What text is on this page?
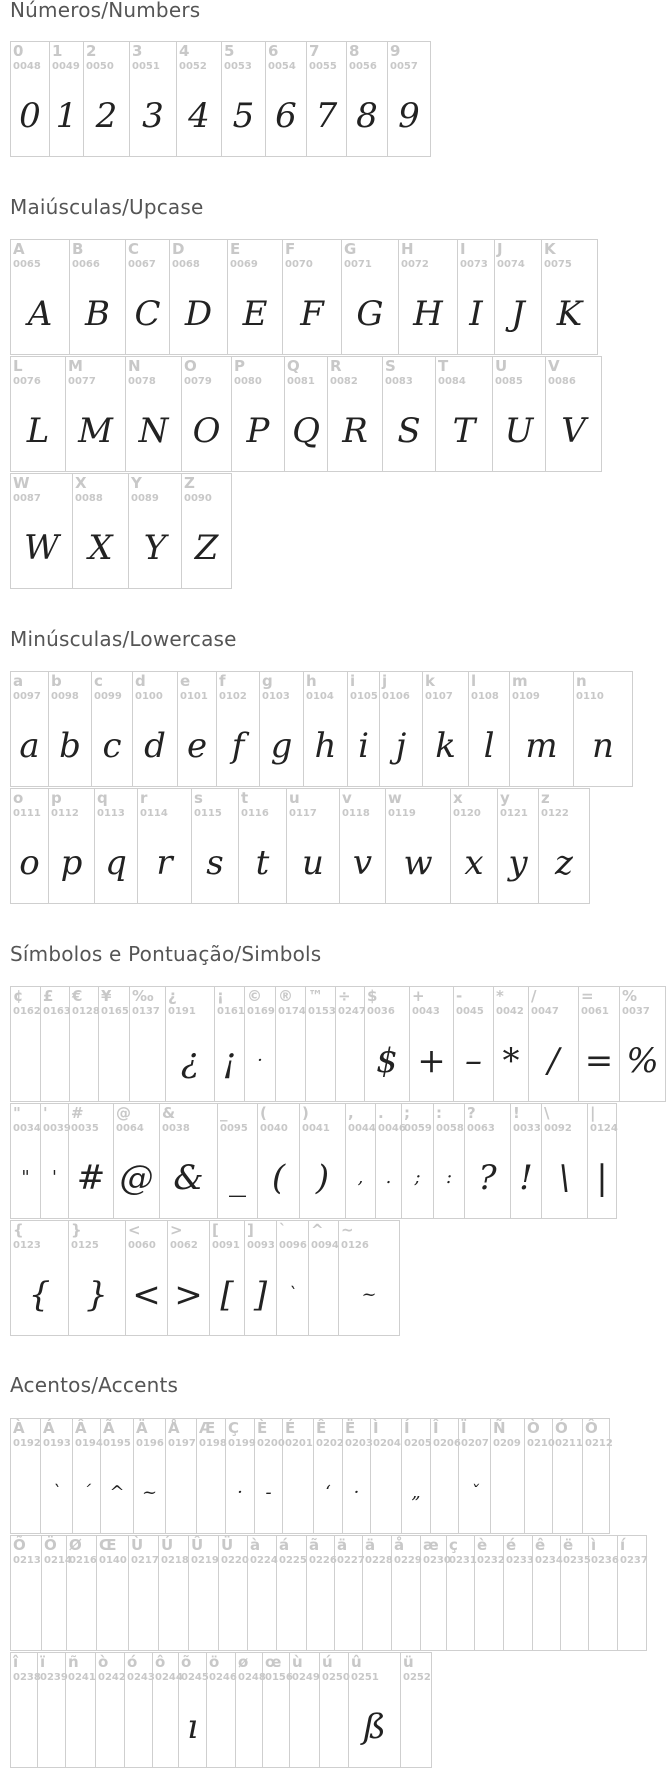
Números/Numbers
Maiúsculas/Upcase
Minúsculas/Lowercase
Símbolos e Pontuação/Simbols
Acentos/Accents
0
0048
0
1
0049
1
2
0050
2
3
0051
3
4
0052
4
5
0053
5
6
0054
6
7
0055
7
8
0056
8
9
0057
9
A
0065
A
B
0066
B
C
0067
C
D
0068
D
E
0069
E
F
0070
F
G
0071
G
H
0072
H
I
0073
I
J
0074
J
K
0075
K
L
0076
L
M
0077
M
N
0078
N
O
0079
O
P
0080
P
Q
0081
Q
R
0082
R
S
0083
S
T
0084
T
U
0085
U
V
0086
V
W
0087
W
X
0088
X
Y
0089
Y
Z
0090
Z
a
0097
a
b
0098
b
c
0099
c
d
0100
d
e
0101
e
f
0102
f
g
0103
g
h
0104
h
i
0105
i
j
0106
j
k
0107
k
l
0108
l
m
0109
m
n
0110
n
o
0111
o
p
0112
p
q
0113
q
r
0114
r
s
0115
s
t
0116
t
u
0117
u
v
0118
v
w
0119
w
x
0120
x
y
0121
y
z
0122
z
¢
0162
£
0163
€
0128
¥
0165
‰
0137
¿
0191
¿
¡
0161
¡
©
0169
·
®
0174
™
0153
÷
0247
$
0036
$
+
0043
+
-
0045
–
*
0042
*
/
0047
/
=
0061
=
%
0037
%
"
0034
"
'
0039
'
#
0035
#
@
0064
@
&
0038
&
_
0095
_
(
0040
(
)
0041
)
,
0044
,
.
0046
.
;
0059
;
:
0058
:
?
0063
?
!
0033
!
\
0092
\
|
0124
|
{
0123
{
}
0125
}
<
0060
<
>
0062
>
[
0091
[
]
0093
]
`
0096
`
^
0094
~
0126
~
À
0192
Á
0193
`
Â
0194
´
Ã
0195
^
Ä
0196
~
Å
0197
Æ
0198
Ç
0199
·
È
0200
-
É
0201
Ê
0202
‘
Ë
0203
·
Ì
0204
Í
0205
„
Î
0206
Ï
0207
ˇ
Ñ
0209
Ò
0210
Ó
0211
Ô
0212
Õ
0213
Ö
0214
Ø
0216
Œ
0140
Ù
0217
Ú
0218
Û
0219
Ü
0220
à
0224
á
0225
ã
0226
ä
0227
ä
0228
å
0229
æ
0230
ç
0231
è
0232
é
0233
ê
0234
ë
0235
ì
0236
í
0237
î
0238
ï
0239
ñ
0241
ò
0242
ó
0243
ô
0244
õ
0245
ı
ö
0246
ø
0248
œ
0156
ù
0249
ú
0250
û
0251
ß
ü
0252
